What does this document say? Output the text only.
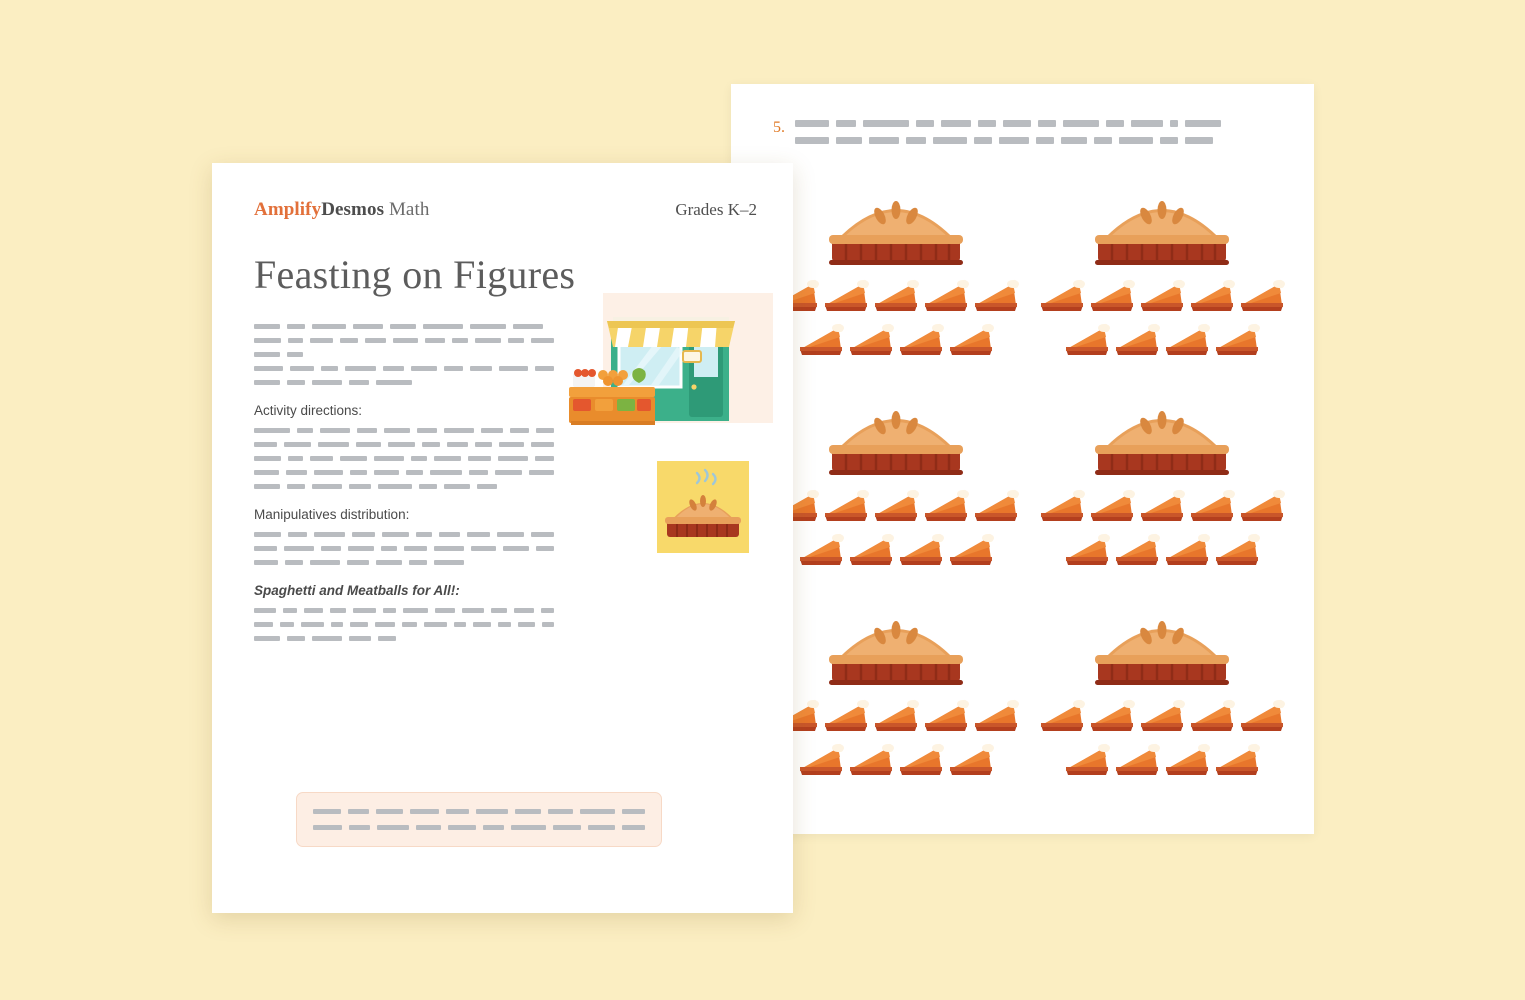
5.
AmplifyDesmos Math	Grades K–2
Feasting on Figures
Activity directions:
Manipulatives distribution:
Spaghetti and Meatballs for All!:
